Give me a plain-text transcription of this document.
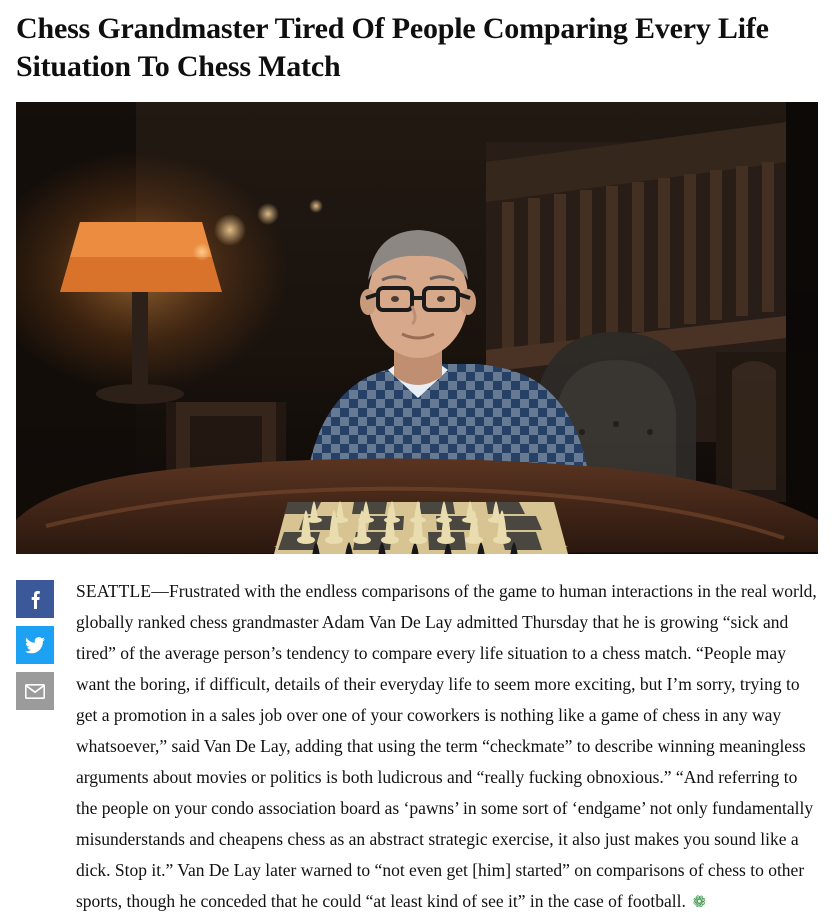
Chess Grandmaster Tired Of People Comparing Every Life Situation To Chess Match
SEATTLE—Frustrated with the endless comparisons of the game to human interactions in the real world, globally ranked chess grandmaster Adam Van De Lay admitted Thursday that he is growing “sick and tired” of the average person’s tendency to compare every life situation to a chess match. “People may want the boring, if difficult, details of their everyday life to seem more exciting, but I’m sorry, trying to get a promotion in a sales job over one of your coworkers is nothing like a game of chess in any way whatsoever,” said Van De Lay, adding that using the term “checkmate” to describe winning meaningless arguments about movies or politics is both ludicrous and “really fucking obnoxious.” “And referring to the people on your condo association board as ‘pawns’ in some sort of ‘endgame’ not only fundamentally misunderstands and cheapens chess as an abstract strategic exercise, it also just makes you sound like a dick. Stop it.” Van De Lay later warned to “not even get [him] started” on comparisons of chess to other sports, though he conceded that he could “at least kind of see it” in the case of football. ❁
